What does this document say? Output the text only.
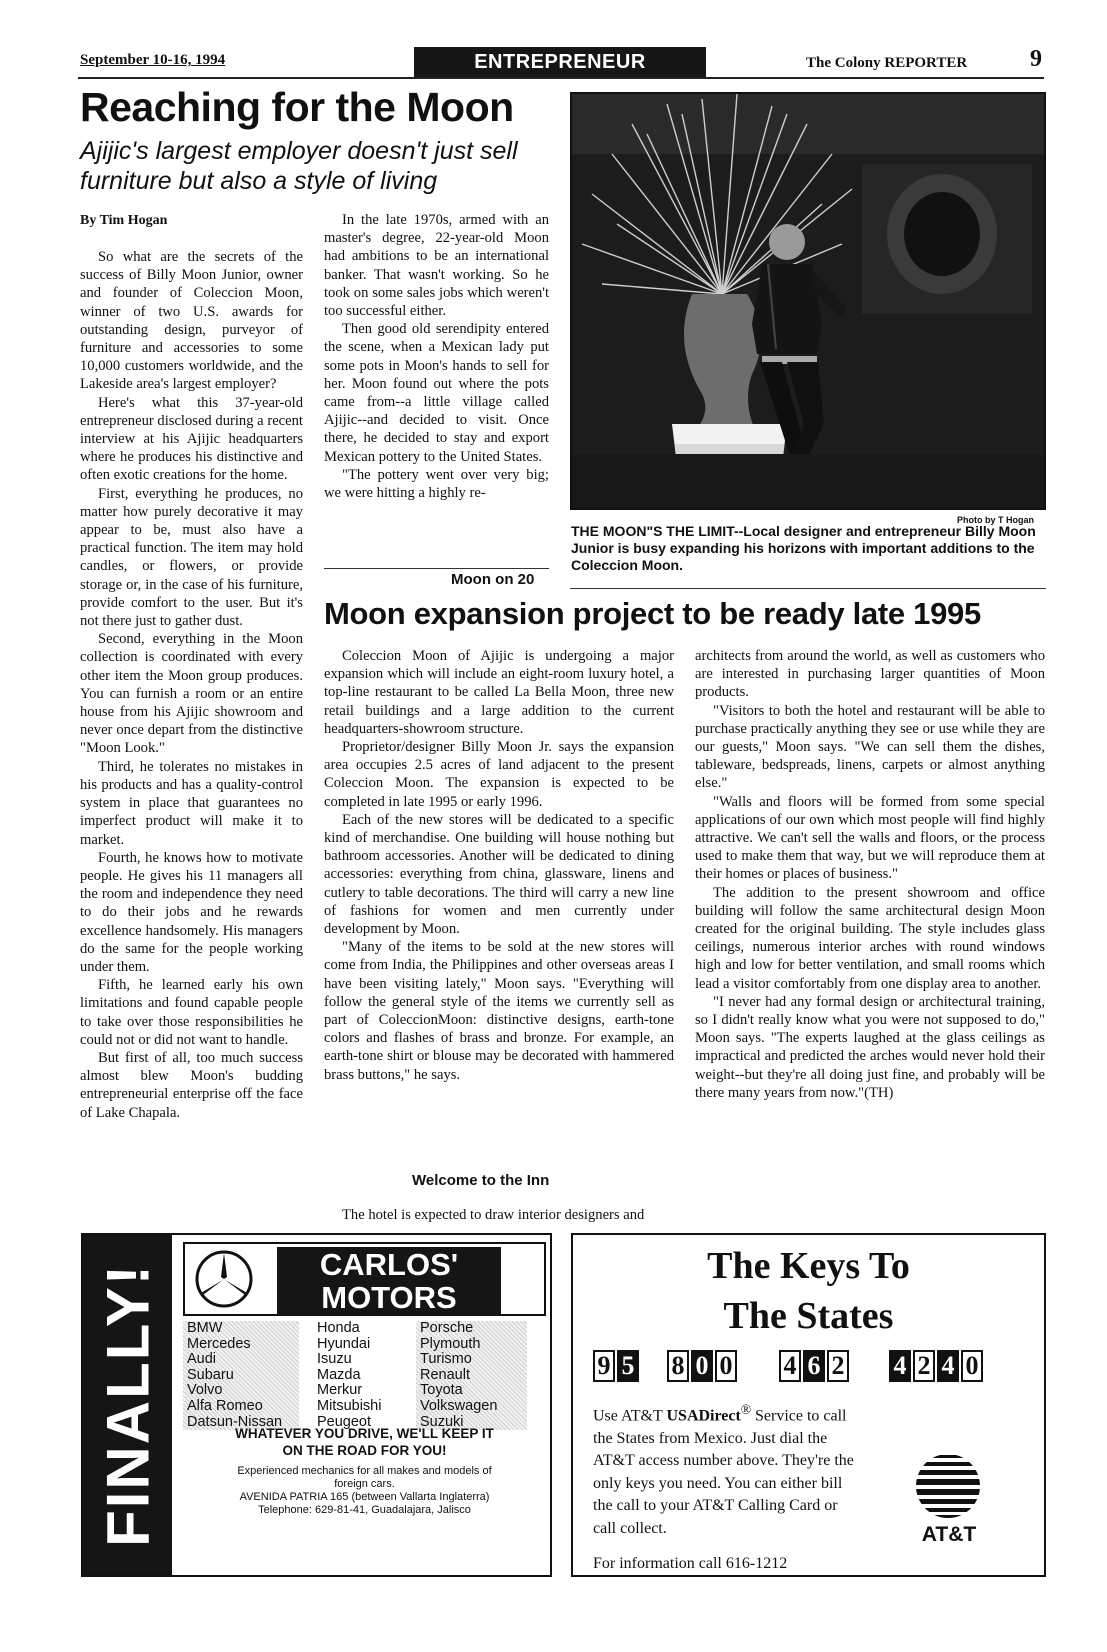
September 10-16, 1994	ENTREPRENEUR	The Colony REPORTER	9
Reaching for the Moon
Ajijic's largest employer doesn't just sell furniture but also a style of living
By Tim Hogan

So what are the secrets of the success of Billy Moon Junior, owner and founder of Coleccion Moon, winner of two U.S. awards for outstanding design, purveyor of furniture and accessories to some 10,000 customers worldwide, and the Lakeside area's largest employer?

Here's what this 37-year-old entrepreneur disclosed during a recent interview at his Ajijic headquarters where he produces his distinctive and often exotic creations for the home.

First, everything he produces, no matter how purely decorative it may appear to be, must also have a practical function. The item may hold candles, or flowers, or provide storage or, in the case of his furniture, provide comfort to the user. But it's not there just to gather dust.

Second, everything in the Moon collection is coordinated with every other item the Moon group produces. You can furnish a room or an entire house from his Ajijic showroom and never once depart from the distinctive "Moon Look."

Third, he tolerates no mistakes in his products and has a quality-control system in place that guarantees no imperfect product will make it to market.

Fourth, he knows how to motivate people. He gives his 11 managers all the room and independence they need to do their jobs and he rewards excellence handsomely. His managers do the same for the people working under them.

Fifth, he learned early his own limitations and found capable people to take over those responsibilities he could not or did not want to handle.

But first of all, too much success almost blew Moon's budding entrepreneurial enterprise off the face of Lake Chapala.

In the late 1970s, armed with an master's degree, 22-year-old Moon had ambitions to be an international banker. That wasn't working. So he took on some sales jobs which weren't too successful either.

Then good old serendipity entered the scene, when a Mexican lady put some pots in Moon's hands to sell for her. Moon found out where the pots came from--a little village called Ajijic--and decided to visit. Once there, he decided to stay and export Mexican pottery to the United States.

"The pottery went over very big; we were hitting a highly re-

Moon on 20
Photo by T Hogan
THE MOON"S THE LIMIT--Local designer and entrepreneur Billy Moon Junior is busy expanding his horizons with important additions to the Coleccion Moon.
Moon expansion project to be ready late 1995

Coleccion Moon of Ajijic is undergoing a major expansion which will include an eight-room luxury hotel, a top-line restaurant to be called La Bella Moon, three new retail buildings and a large addition to the current headquarters-showroom structure.

Proprietor/designer Billy Moon Jr. says the expansion area occupies 2.5 acres of land adjacent to the present Coleccion Moon. The expansion is expected to be completed in late 1995 or early 1996.

Each of the new stores will be dedicated to a specific kind of merchandise. One building will house nothing but bathroom accessories. Another will be dedicated to dining accessories: everything from china, glassware, linens and cutlery to table decorations. The third will carry a new line of fashions for women and men currently under development by Moon.

"Many of the items to be sold at the new stores will come from India, the Philippines and other overseas areas I have been visiting lately," Moon says. "Everything will follow the general style of the items we currently sell as part of ColeccionMoon: distinctive designs, earth-tone colors and flashes of brass and bronze. For example, an earth-tone shirt or blouse may be decorated with hammered brass buttons," he says.

Welcome to the Inn

The hotel is expected to draw interior designers and

architects from around the world, as well as customers who are interested in purchasing larger quantities of Moon products.

"Visitors to both the hotel and restaurant will be able to purchase practically anything they see or use while they are our guests," Moon says. "We can sell them the dishes, tableware, bedspreads, linens, carpets or almost anything else."

"Walls and floors will be formed from some special applications of our own which most people will find highly attractive. We can't sell the walls and floors, or the process used to make them that way, but we will reproduce them at their homes or places of business."

The addition to the present showroom and office building will follow the same architectural design Moon created for the original building. The style includes glass ceilings, numerous interior arches with round windows high and low for better ventilation, and small rooms which lead a visitor comfortably from one display area to another.

"I never had any formal design or architectural training, so I didn't really know what you were not supposed to do," Moon says. "The experts laughed at the glass ceilings as impractical and predicted the arches would never hold their weight--but they're all doing just fine, and probably will be there many years from now."(TH)

FINALLY!	CARLOS'
MOTORS
BMW
Mercedes
Audi
Subaru
Volvo
Alfa Romeo
Datsun-Nissan
Honda
Hyundai
Isuzu
Mazda
Merkur
Mitsubishi
Peugeot
Porsche
Plymouth
Turismo
Renault
Toyota
Volkswagen
Suzuki
WHATEVER YOU DRIVE, WE'LL KEEP IT
ON THE ROAD FOR YOU!
Experienced mechanics for all makes and models of
foreign cars.
AVENIDA PATRIA 165 (between Vallarta Inglaterra)
Telephone: 629-81-41, Guadalajara, Jalisco
The Keys To
The States
9 5 8 0 0 4 6 2 4 2 4 0
Use AT&T USADirect® Service to call the States from Mexico. Just dial the AT&T access number above. They're the only keys you need. You can either bill the call to your AT&T Calling Card or call collect.
For information call 616-1212
AT&T
